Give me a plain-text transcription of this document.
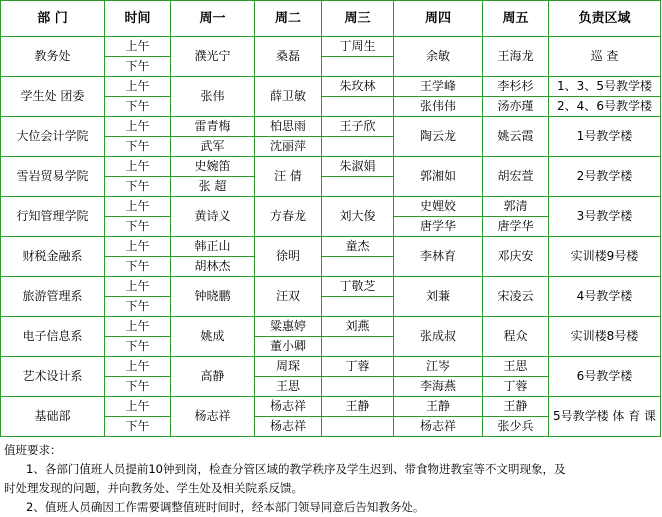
部 门	时间	周一	周二	周三	周四	周五	负责区域
教务处	上午	濮光宁	桑磊	丁周生	余敏	王海龙	巡 查
	下午						
学生处 团委	上午	张伟	薛卫敏	朱玫林	王学峰	李杉杉	1、3、5号教学楼
	下午				张伟伟	汤亦瑾	2、4、6号教学楼
大位会计学院	上午	雷青梅	柏思雨	王子欣	陶云龙	姚云霞	1号教学楼
	下午	武军	沈丽萍				
雪岩贸易学院	上午	史婉笛	汪 倩	朱淑娟	郭湘如	胡宏萱	2号教学楼
	下午	张 超					
行知管理学院	上午	黄诗义	方春龙	刘大俊	史娌姣	郭清	3号教学楼
	下午				唐学华	唐学华	
财税金融系	上午	韩正山	徐明	童杰	李林育	邓庆安	实训楼9号楼
	下午	胡林杰					
旅游管理系	上午	钟晓鹏	汪双	丁敬芝	刘蒹	宋凌云	4号教学楼
	下午						
电子信息系	上午	姚成	粱惠婷	刘燕	张成叔	程众	实训楼8号楼
	下午		董小卿				
艺术设计系	上午	高静	周琛	丁蓉	江岑	王思	6号教学楼
	下午		王思		李海燕	丁蓉	
基础部	上午	杨志祥	杨志祥	王静	王静	王静	5号教学楼 体 育 课
	下午		杨志祥		杨志祥	张少兵	
值班要求：
1、各部门值班人员提前10钟到岗，检查分管区域的教学秩序及学生迟到、带食物进教室等不文明现象，及
时处理发现的问题，并向教务处、学生处及相关院系反馈。
2、值班人员确因工作需要调整值班时间时，经本部门领导同意后告知教务处。
